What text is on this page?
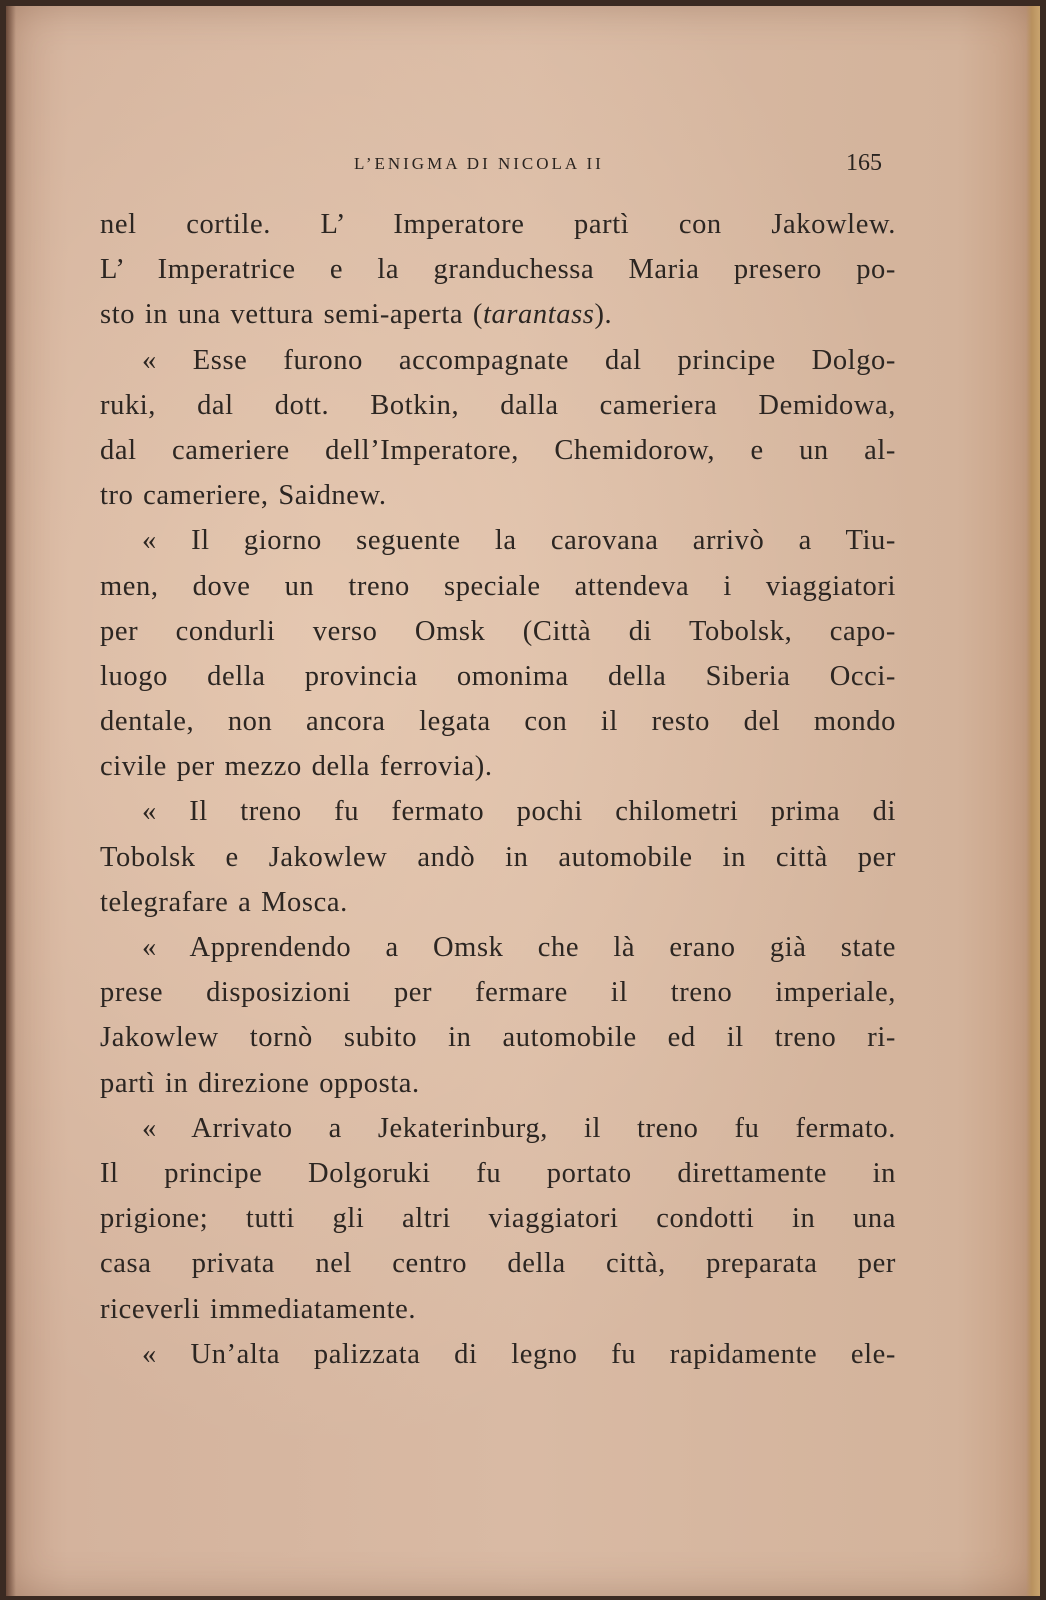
L’ENIGMA DI NICOLA II	165
nel cortile. L’ Imperatore partì con Jakowlew.
L’ Imperatrice e la granduchessa Maria presero po-
sto in una vettura semi-aperta (tarantass).
« Esse furono accompagnate dal principe Dolgo-
ruki, dal dott. Botkin, dalla cameriera Demidowa,
dal cameriere dell’Imperatore, Chemidorow, e un al-
tro cameriere, Saidnew.
« Il giorno seguente la carovana arrivò a Tiu-
men, dove un treno speciale attendeva i viaggiatori
per condurli verso Omsk (Città di Tobolsk, capo-
luogo della provincia omonima della Siberia Occi-
dentale, non ancora legata con il resto del mondo
civile per mezzo della ferrovia).
« Il treno fu fermato pochi chilometri prima di
Tobolsk e Jakowlew andò in automobile in città per
telegrafare a Mosca.
« Apprendendo a Omsk che là erano già state
prese disposizioni per fermare il treno imperiale,
Jakowlew tornò subito in automobile ed il treno ri-
partì in direzione opposta.
« Arrivato a Jekaterinburg, il treno fu fermato.
Il principe Dolgoruki fu portato direttamente in
prigione; tutti gli altri viaggiatori condotti in una
casa privata nel centro della città, preparata per
riceverli immediatamente.
« Un’alta palizzata di legno fu rapidamente ele-
